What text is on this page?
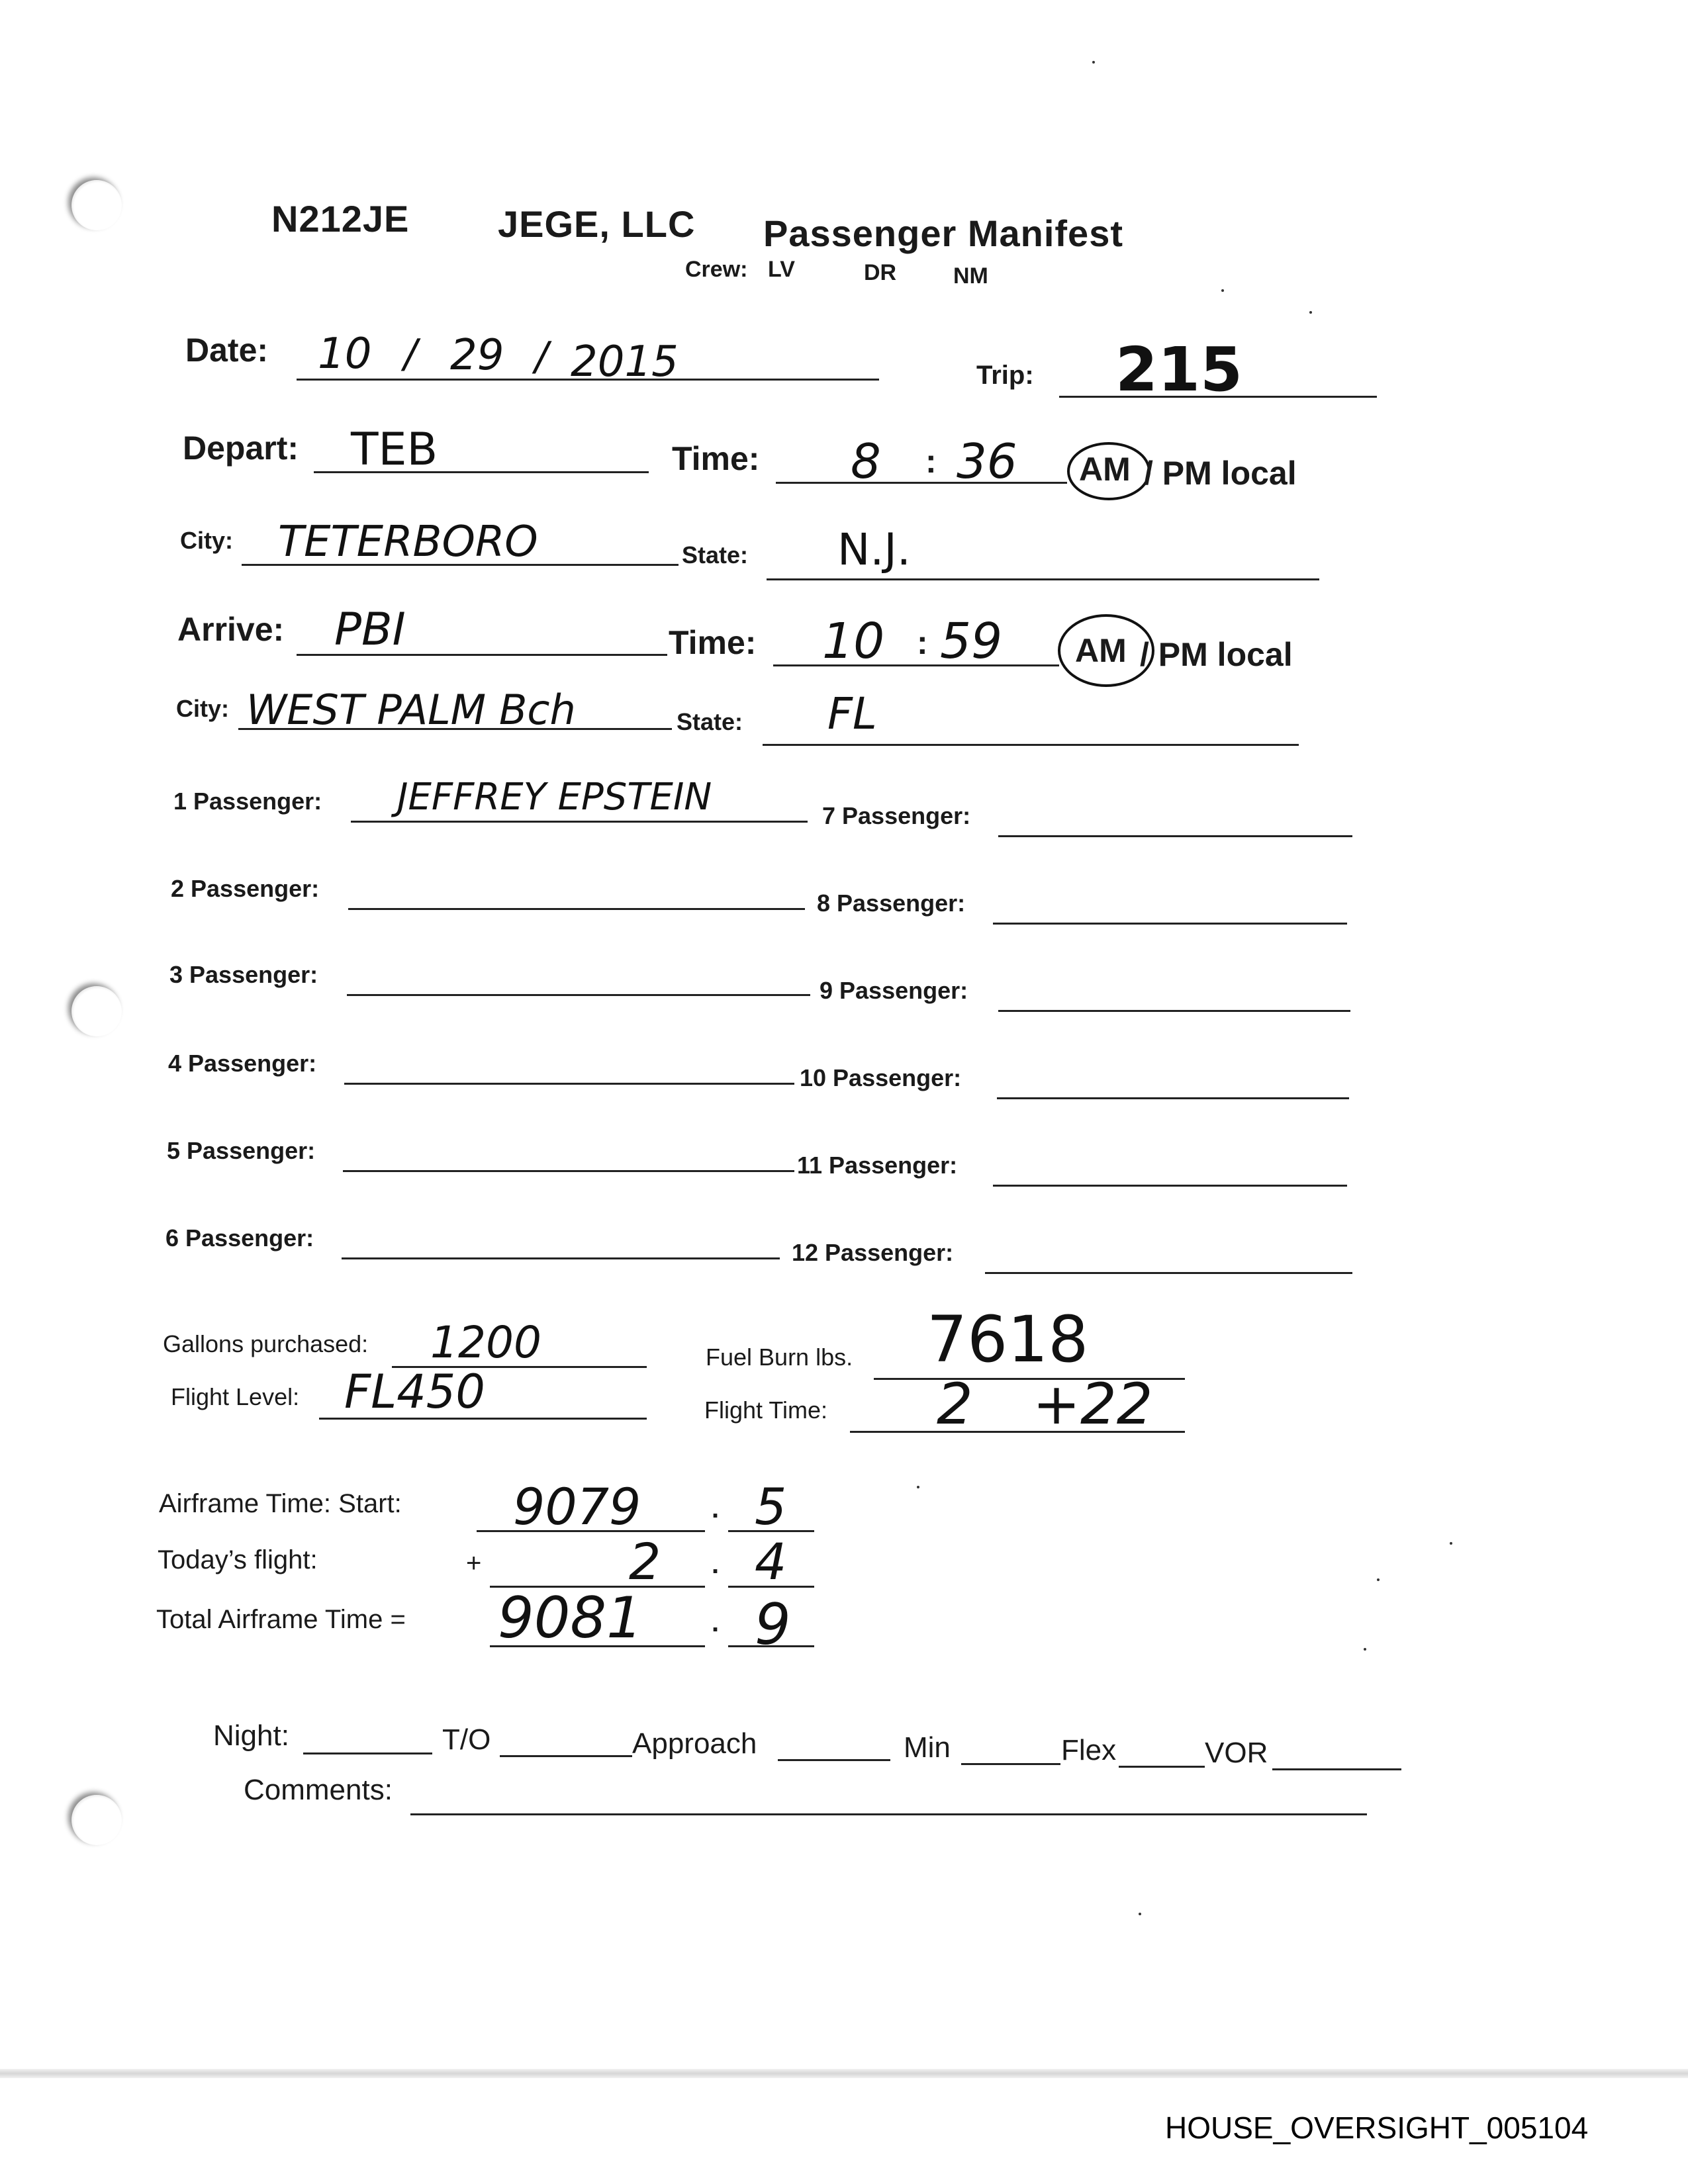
N212JE JEGE, LLC Passenger Manifest
Crew: LV	DR	NM
Date: 10 / 29 / 2015	Trip: 215
Depart: TEB	Time: 8 : 36 AM / PM local
City: TETERBORO	State: N.J.
Arrive: PBI	Time: 10 : 59 AM / PM local
City: WEST PALM Bch	State: FL
1 Passenger: JEFFREY EPSTEIN
2 Passenger:
3 Passenger:
4 Passenger:
5 Passenger:
6 Passenger:
7 Passenger:
8 Passenger:
9 Passenger:
10 Passenger:
11 Passenger:
12 Passenger:
Gallons purchased: 1200	Fuel Burn lbs. 7618
Flight Level: FL450	Flight Time: 2 +22
Airframe Time: Start: 9079	. 5
Today’s flight:	+	2 . 4
Total Airframe Time = 9081	. 9
Night:	T/O	Approach	Min	Flex	VOR
Comments:
HOUSE_OVERSIGHT_005104
